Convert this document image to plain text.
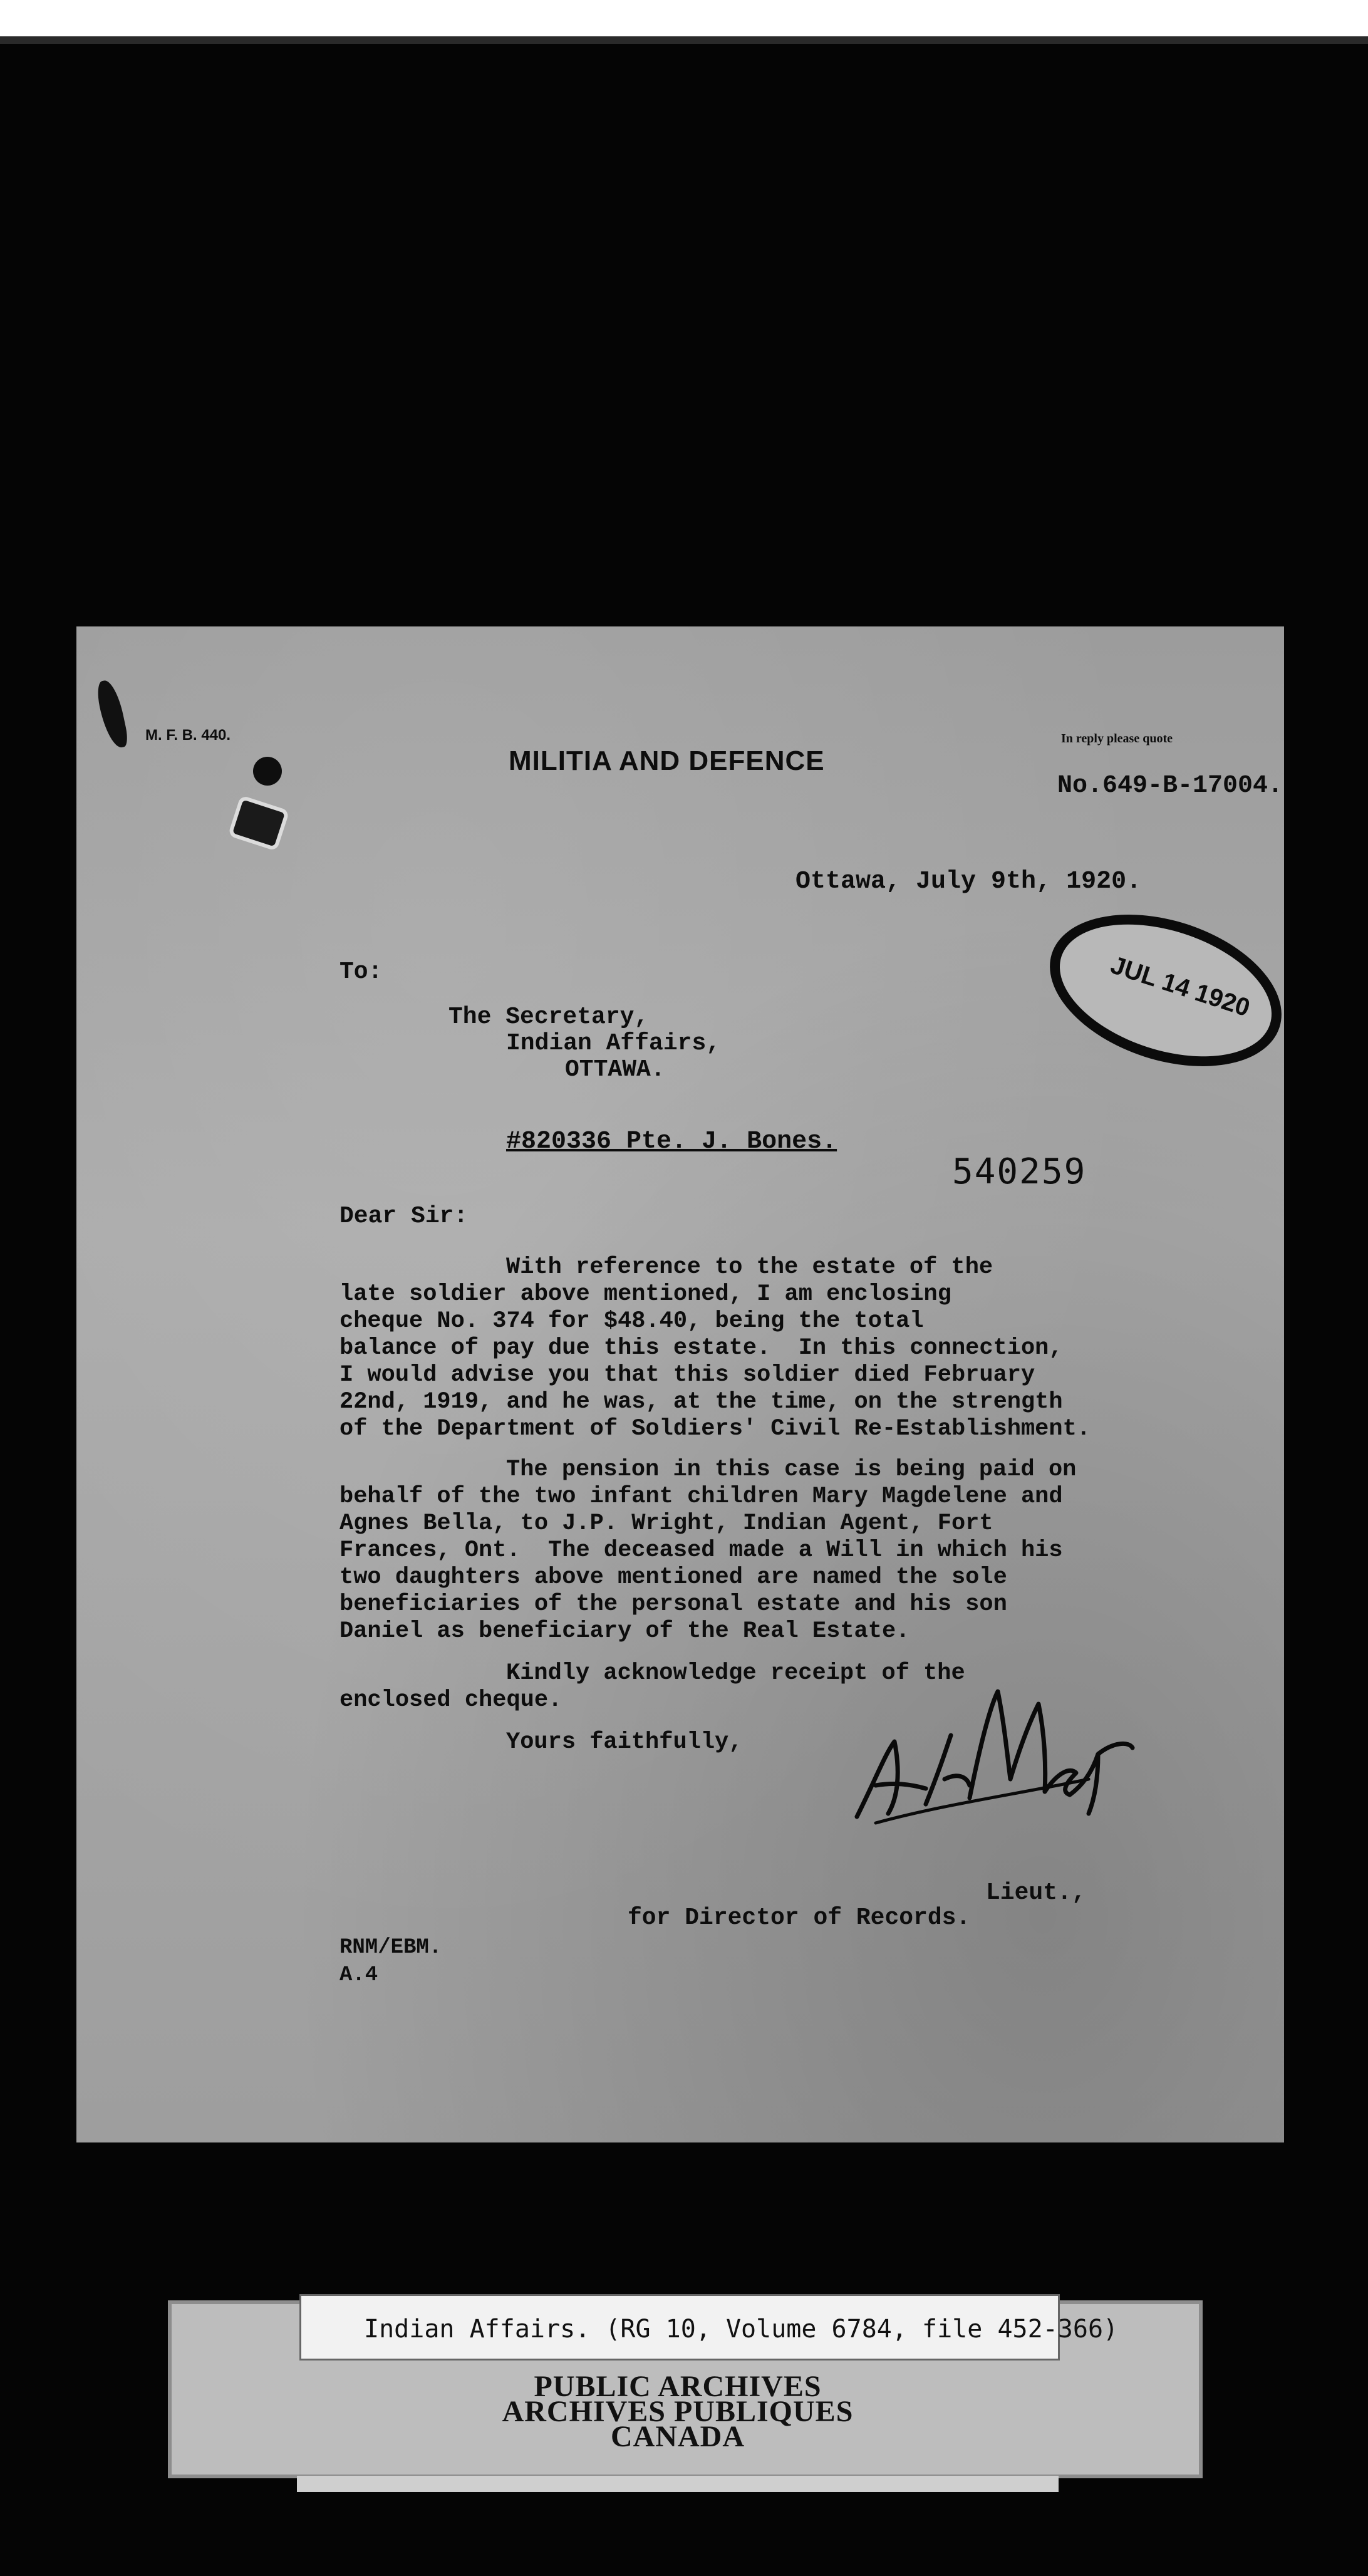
M. F. B. 440.
MILITIA AND DEFENCE
In reply please quote
No.649-B-17004.
Ottawa, July 9th, 1920.
JUL 14 1920
To:
The Secretary,
Indian Affairs,
OTTAWA.
#820336 Pte. J. Bones.
540259
Dear Sir:
With reference to the estate of the
late soldier above mentioned, I am enclosing
cheque No. 374 for $48.40, being the total
balance of pay due this estate.  In this connection,
I would advise you that this soldier died February
22nd, 1919, and he was, at the time, on the strength
of the Department of Soldiers' Civil Re-Establishment.
The pension in this case is being paid on
behalf of the two infant children Mary Magdelene and
Agnes Bella, to J.P. Wright, Indian Agent, Fort
Frances, Ont.  The deceased made a Will in which his
two daughters above mentioned are named the sole
beneficiaries of the personal estate and his son
Daniel as beneficiary of the Real Estate.
Kindly acknowledge receipt of the
enclosed cheque.
Yours faithfully,
Lieut.,
for Director of Records.
RNM/EBM.
A.4
Indian Affairs. (RG 10, Volume 6784, file 452-366)
PUBLIC ARCHIVES
ARCHIVES PUBLIQUES
CANADA
